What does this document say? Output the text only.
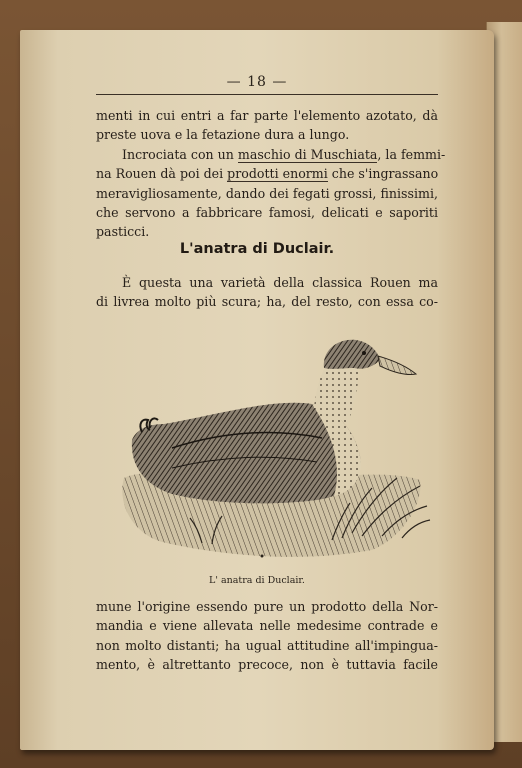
— 18 —
menti in cui entri a far parte l'elemento azotato, dà
preste uova e la fetazione dura a lungo.
Incrociata con un maschio di Muschiata, la femmi-
na Rouen dà poi dei prodotti enormi che s'ingrassano
meravigliosamente, dando dei fegati grossi, finissimi,
che servono a fabbricare famosi, delicati e saporiti
pasticci.
L'anatra di Duclair.
È questa una varietà della classica Rouen ma
di livrea molto più scura; ha, del resto, con essa co-
L' anatra di Duclair.
mune l'origine essendo pure un prodotto della Nor-
mandia e viene allevata nelle medesime contrade e
non molto distanti; ha ugual attitudine all'impingua-
mento, è altrettanto precoce, non è tuttavia facile
